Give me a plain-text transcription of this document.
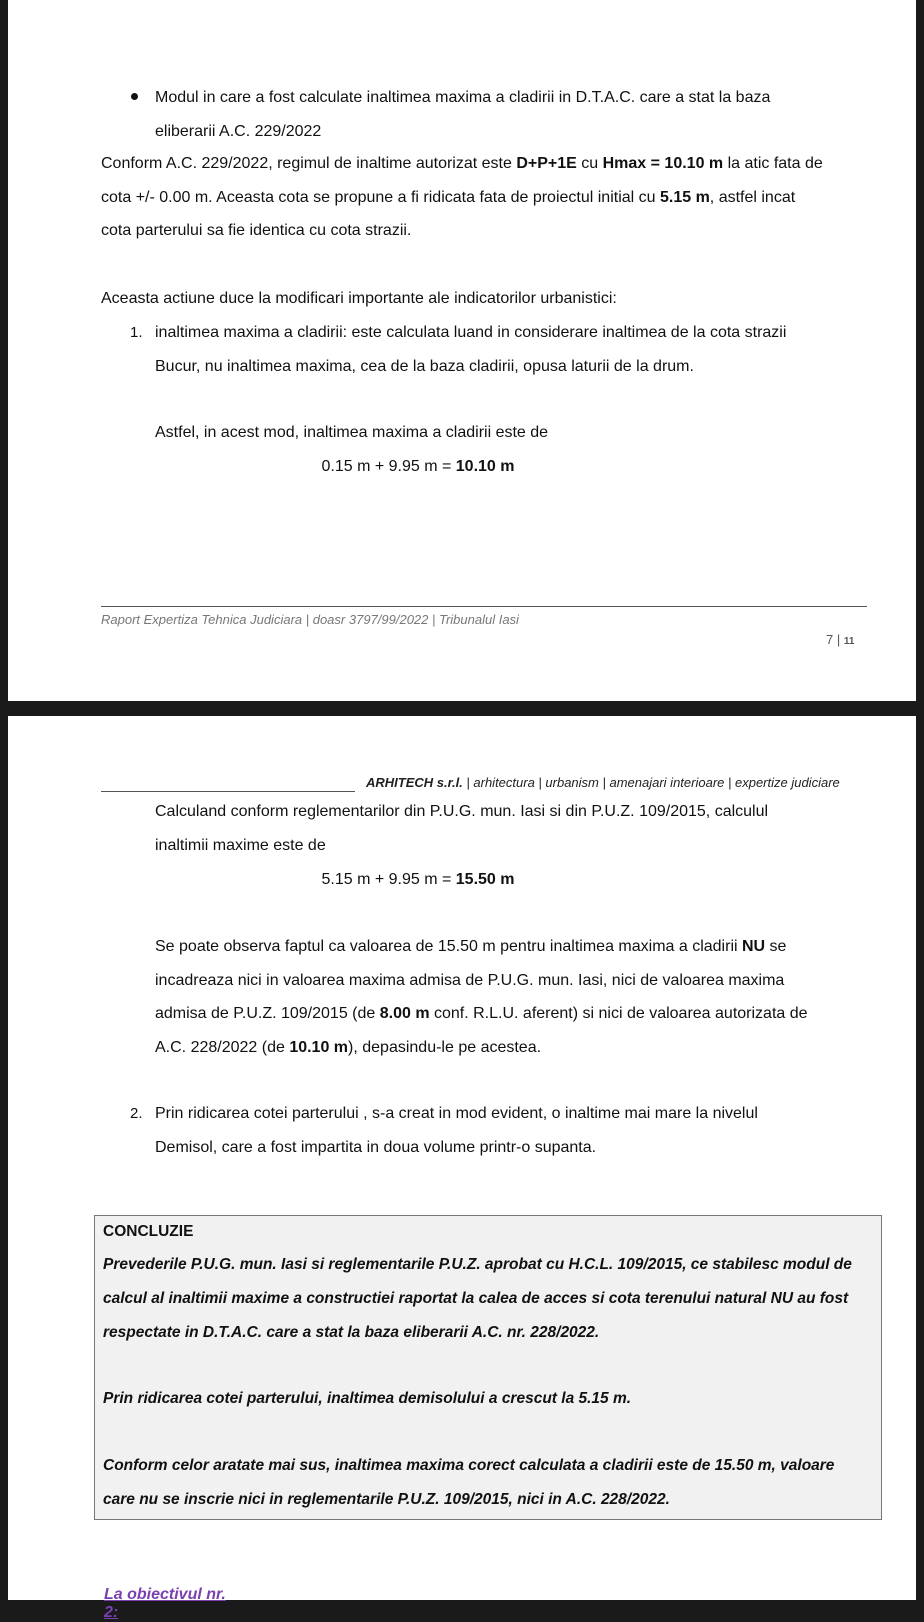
Modul in care a fost calculate inaltimea maxima a cladirii in D.T.A.C. care a stat la baza
eliberarii A.C. 229/2022

Conform A.C. 229/2022, regimul de inaltime autorizat este D+P+1E cu Hmax = 10.10 m la atic fata de
cota +/- 0.00 m. Aceasta cota se propune a fi ridicata fata de proiectul initial cu 5.15 m, astfel incat
cota parterului sa fie identica cu cota strazii.

Aceasta actiune duce la modificari importante ale indicatorilor urbanistici:

1. inaltimea maxima a cladirii: este calculata luand in considerare inaltimea de la cota strazii
Bucur, nu inaltimea maxima, cea de la baza cladirii, opusa laturii de la drum.

Astfel, in acest mod, inaltimea maxima a cladirii este de

0.15 m + 9.95 m = 10.10 m

Raport Expertiza Tehnica Judiciara | doasr 3797/99/2022 | Tribunalul Iasi
7 | 11
ARHITECH s.r.l. | arhitectura | urbanism | amenajari interioare | expertize judiciare

Calculand conform reglementarilor din P.U.G. mun. Iasi si din P.U.Z. 109/2015, calculul
inaltimii maxime este de

5.15 m + 9.95 m = 15.50 m

Se poate observa faptul ca valoarea de 15.50 m pentru inaltimea maxima a cladirii NU se
incadreaza nici in valoarea maxima admisa de P.U.G. mun. Iasi, nici de valoarea maxima
admisa de P.U.Z. 109/2015 (de 8.00 m conf. R.L.U. aferent) si nici de valoarea autorizata de
A.C. 228/2022 (de 10.10 m), depasindu-le pe acestea.

2. Prin ridicarea cotei parterului , s-a creat in mod evident, o inaltime mai mare la nivelul
Demisol, care a fost impartita in doua volume printr-o supanta.

CONCLUZIE

Prevederile P.U.G. mun. Iasi si reglementarile P.U.Z. aprobat cu H.C.L. 109/2015, ce stabilesc modul de
calcul al inaltimii maxime a constructiei raportat la calea de acces si cota terenului natural NU au fost
respectate in D.T.A.C. care a stat la baza eliberarii A.C. nr. 228/2022.

Prin ridicarea cotei parterului, inaltimea demisolului a crescut la 5.15 m.

Conform celor aratate mai sus, inaltimea maxima corect calculata a cladirii este de 15.50 m, valoare
care nu se inscrie nici in reglementarile P.U.Z. 109/2015, nici in A.C. 228/2022.

La obiectivul nr. 2:
